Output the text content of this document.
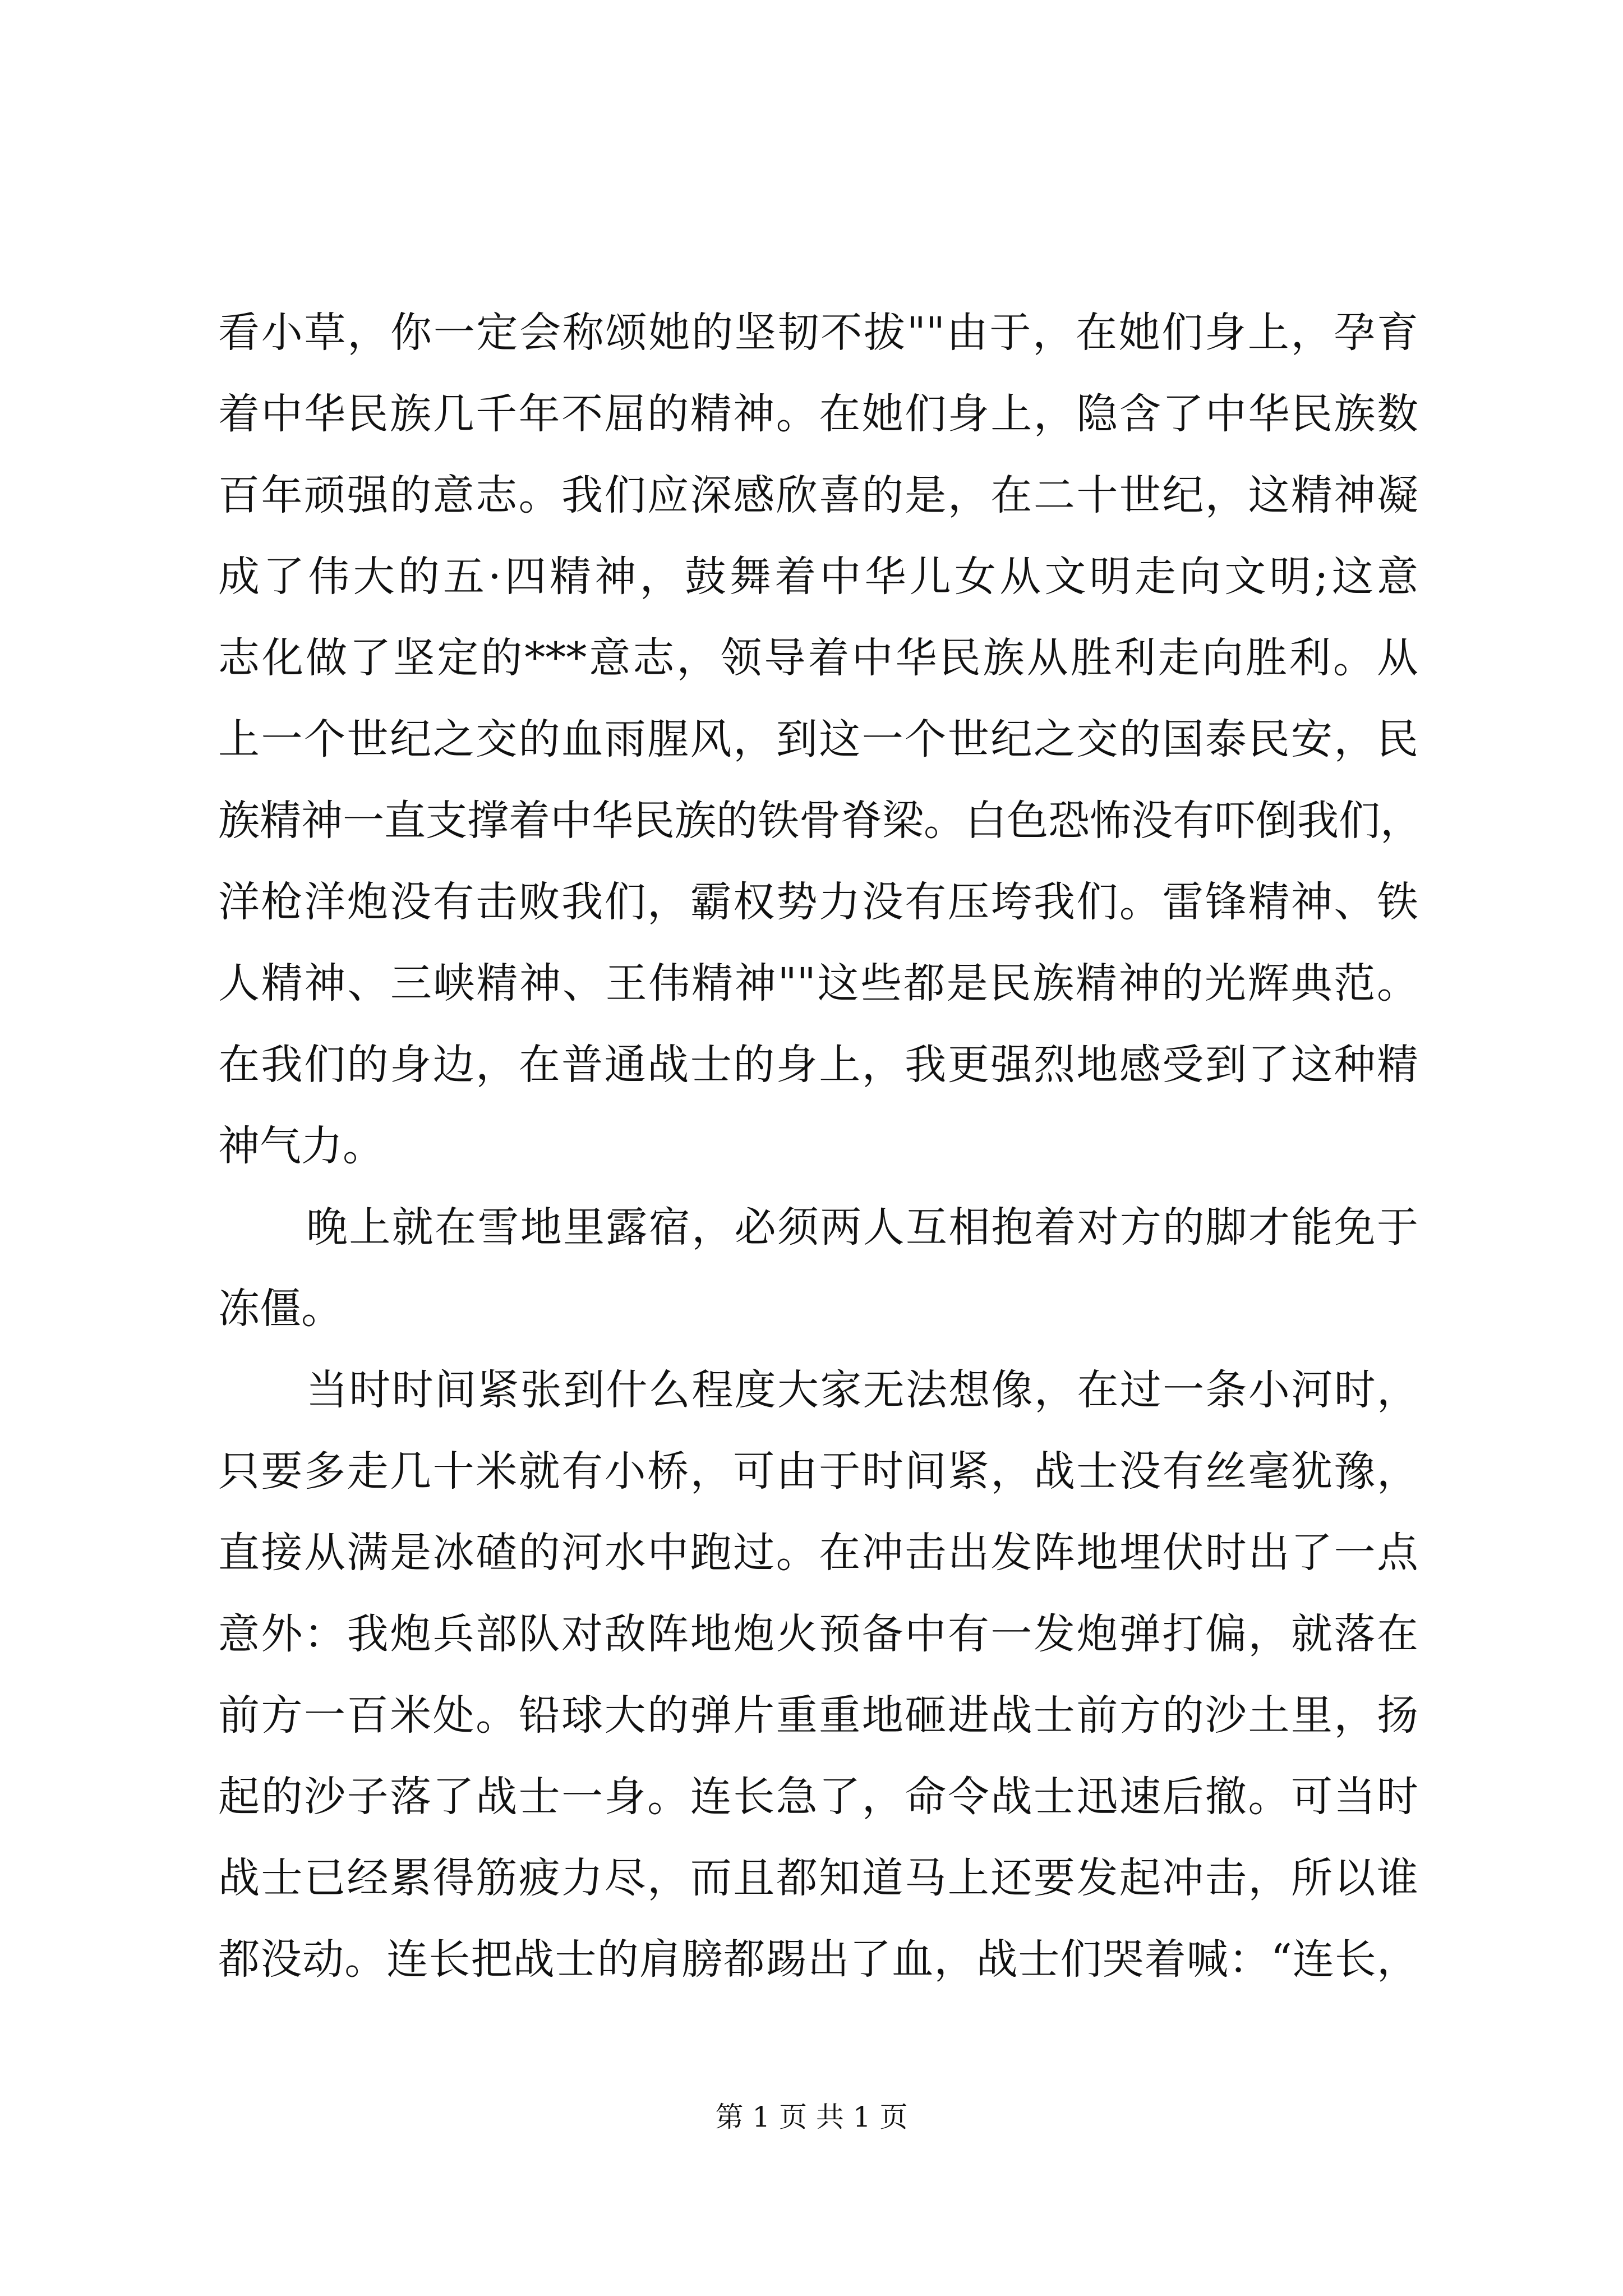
看小草，你一定会称颂她的坚韧不拔""由于，在她们身上，孕育
着中华民族几千年不屈的精神。在她们身上，隐含了中华民族数
百年顽强的意志。我们应深感欣喜的是，在二十世纪，这精神凝
成了伟大的五·四精神，鼓舞着中华儿女从文明走向文明;这意
志化做了坚定的***意志，领导着中华民族从胜利走向胜利。从
上一个世纪之交的血雨腥风，到这一个世纪之交的国泰民安，民
族精神一直支撑着中华民族的铁骨脊梁。白色恐怖没有吓倒我们，
洋枪洋炮没有击败我们，霸权势力没有压垮我们。雷锋精神、铁
人精神、三峡精神、王伟精神""这些都是民族精神的光辉典范。
在我们的身边，在普通战士的身上，我更强烈地感受到了这种精
神气力。
晚上就在雪地里露宿，必须两人互相抱着对方的脚才能免于
冻僵。
当时时间紧张到什么程度大家无法想像，在过一条小河时，
只要多走几十米就有小桥，可由于时间紧，战士没有丝毫犹豫，
直接从满是冰碴的河水中跑过。在冲击出发阵地埋伏时出了一点
意外：我炮兵部队对敌阵地炮火预备中有一发炮弹打偏，就落在
前方一百米处。铅球大的弹片重重地砸进战士前方的沙土里，扬
起的沙子落了战士一身。连长急了，命令战士迅速后撤。可当时
战士已经累得筋疲力尽，而且都知道马上还要发起冲击，所以谁
都没动。连长把战士的肩膀都踢出了血，战士们哭着喊：“连长，
第 1 页 共 1 页
